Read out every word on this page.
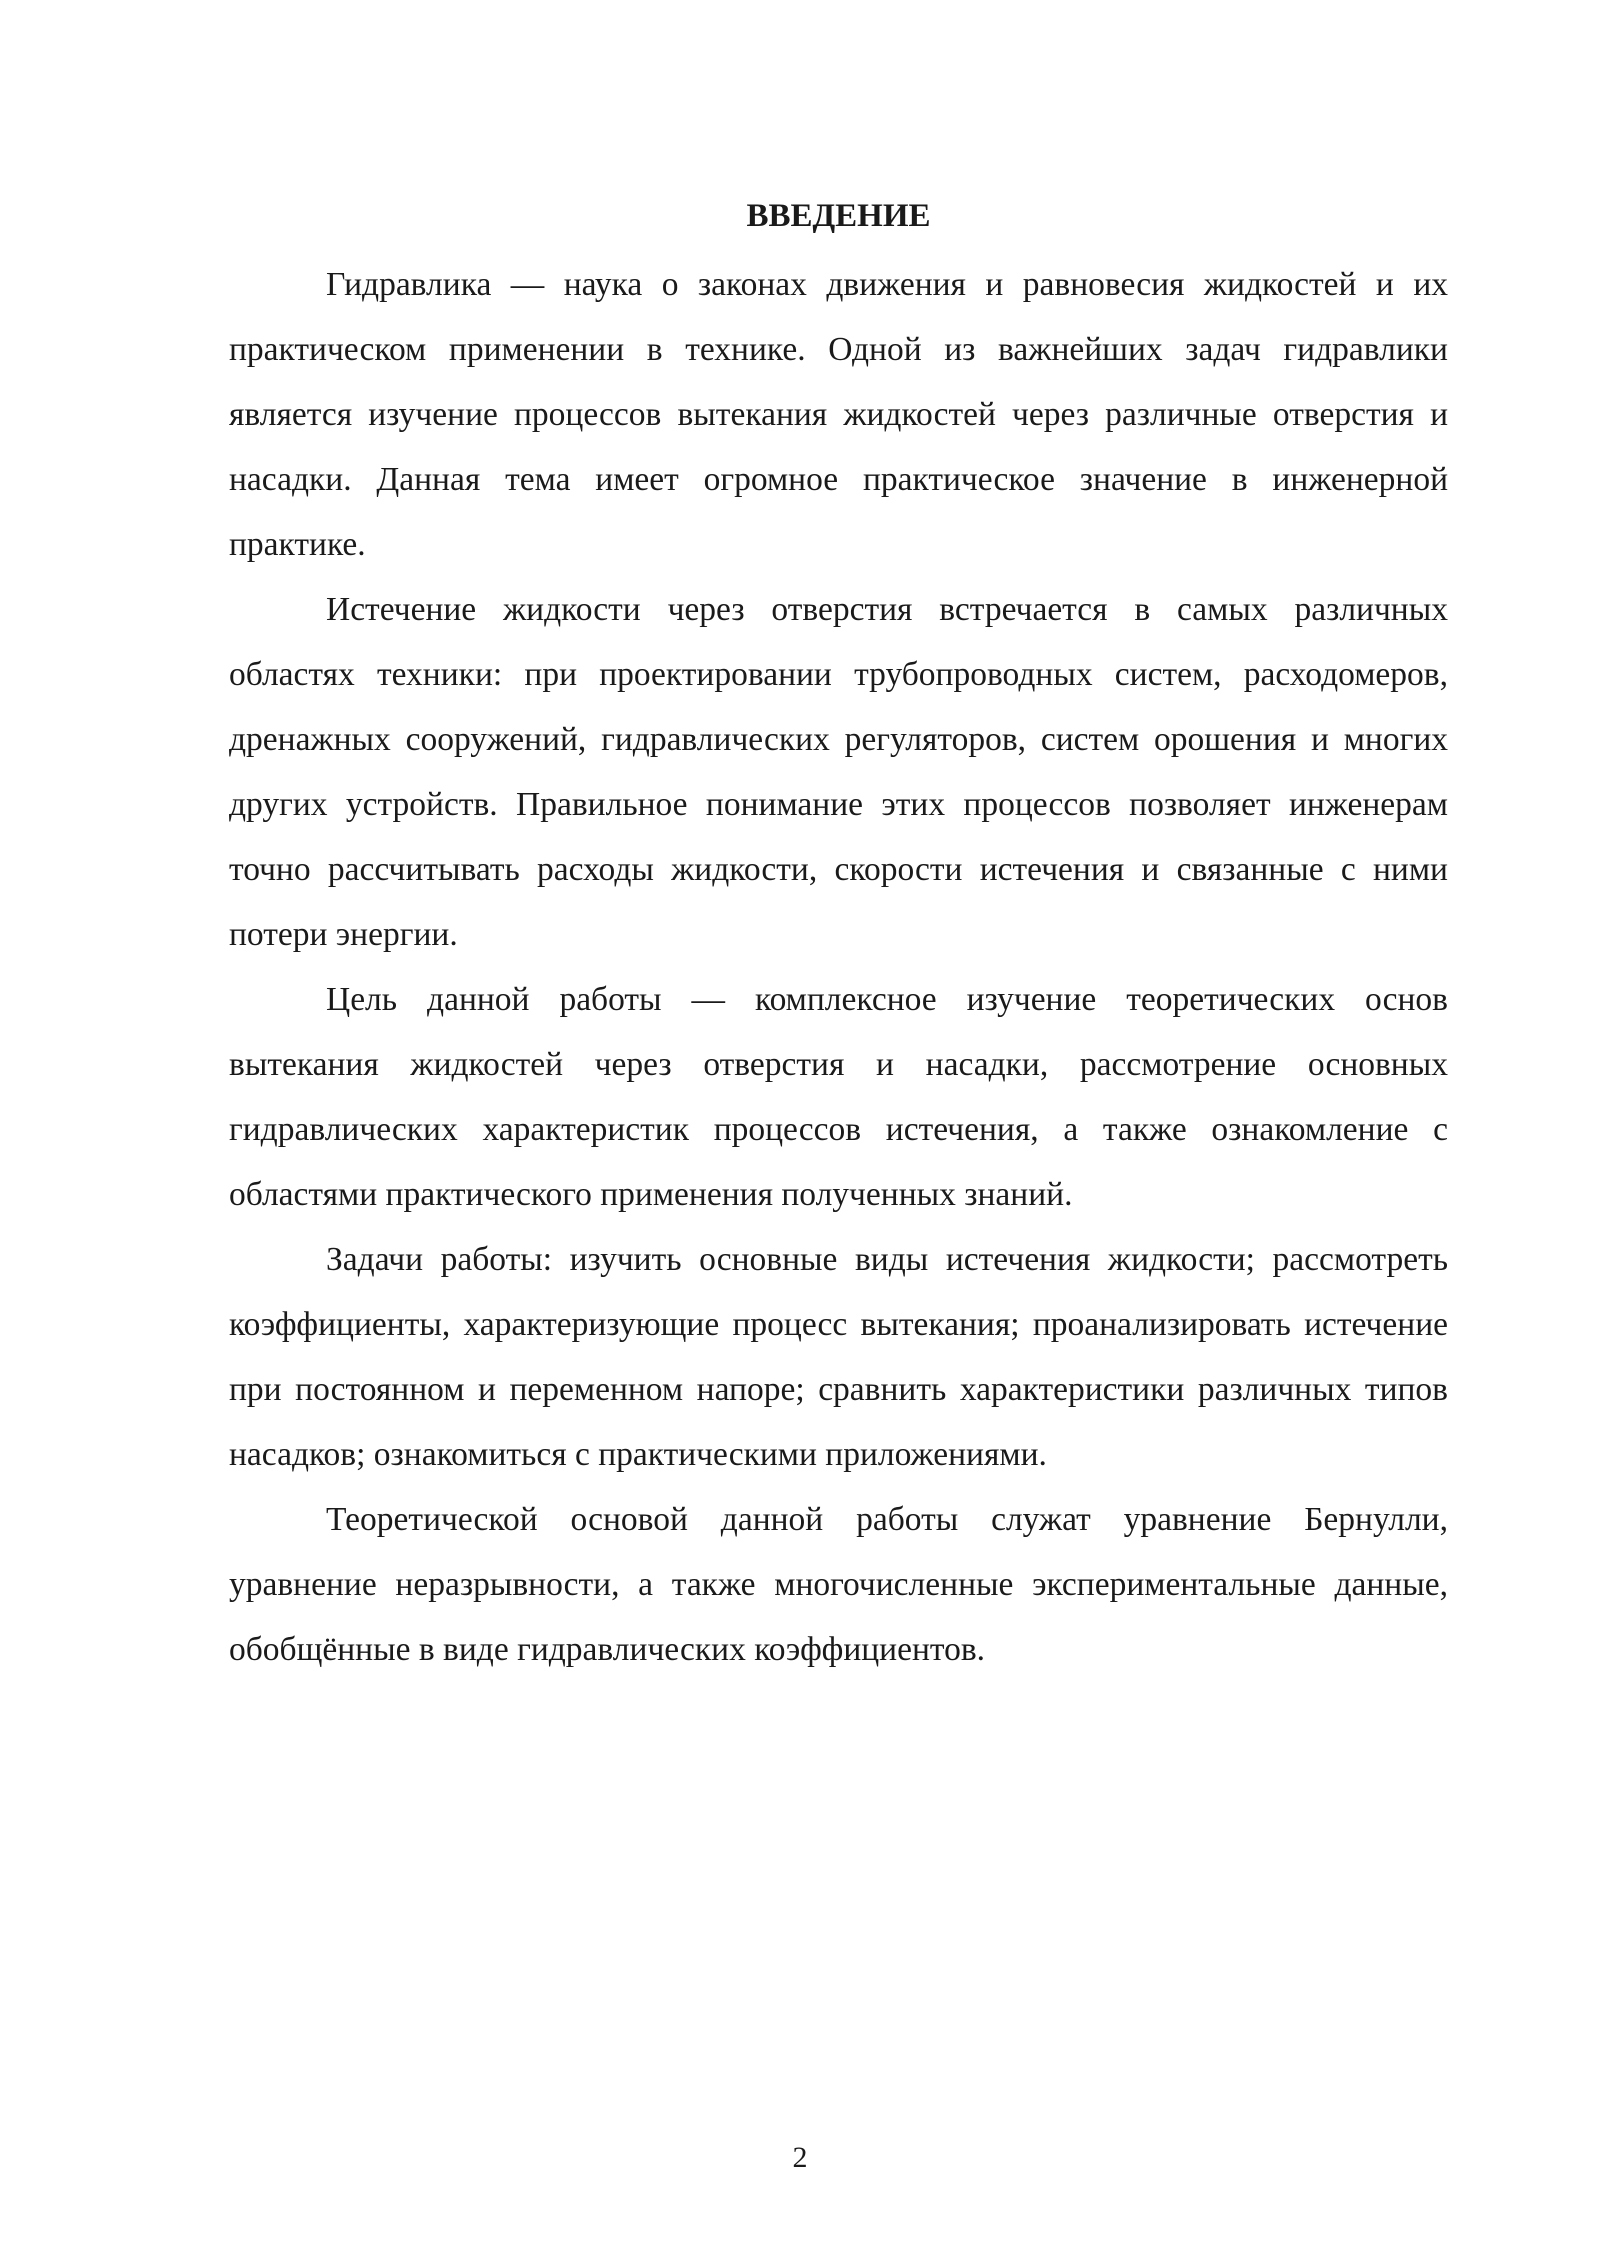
ВВЕДЕНИЕ

Гидравлика — наука о законах движения и равновесия жидкостей и их практическом применении в технике. Одной из важнейших задач гидравлики является изучение процессов вытекания жидкостей через различные отверстия и насадки. Данная тема имеет огромное практическое значение в инженерной практике.

Истечение жидкости через отверстия встречается в самых различных областях техники: при проектировании трубопроводных систем, расходомеров, дренажных сооружений, гидравлических регуляторов, систем орошения и многих других устройств. Правильное понимание этих процессов позволяет инженерам точно рассчитывать расходы жидкости, скорости истечения и связанные с ними потери энергии.

Цель данной работы — комплексное изучение теоретических основ вытекания жидкостей через отверстия и насадки, рассмотрение основных гидравлических характеристик процессов истечения, а также ознакомление с областями практического применения полученных знаний.

Задачи работы: изучить основные виды истечения жидкости; рассмотреть коэффициенты, характеризующие процесс вытекания; проанализировать истечение при постоянном и переменном напоре; сравнить характеристики различных типов насадков; ознакомиться с практическими приложениями.

Теоретической основой данной работы служат уравнение Бернулли, уравнение неразрывности, а также многочисленные экспериментальные данные, обобщённые в виде гидравлических коэффициентов.

2
